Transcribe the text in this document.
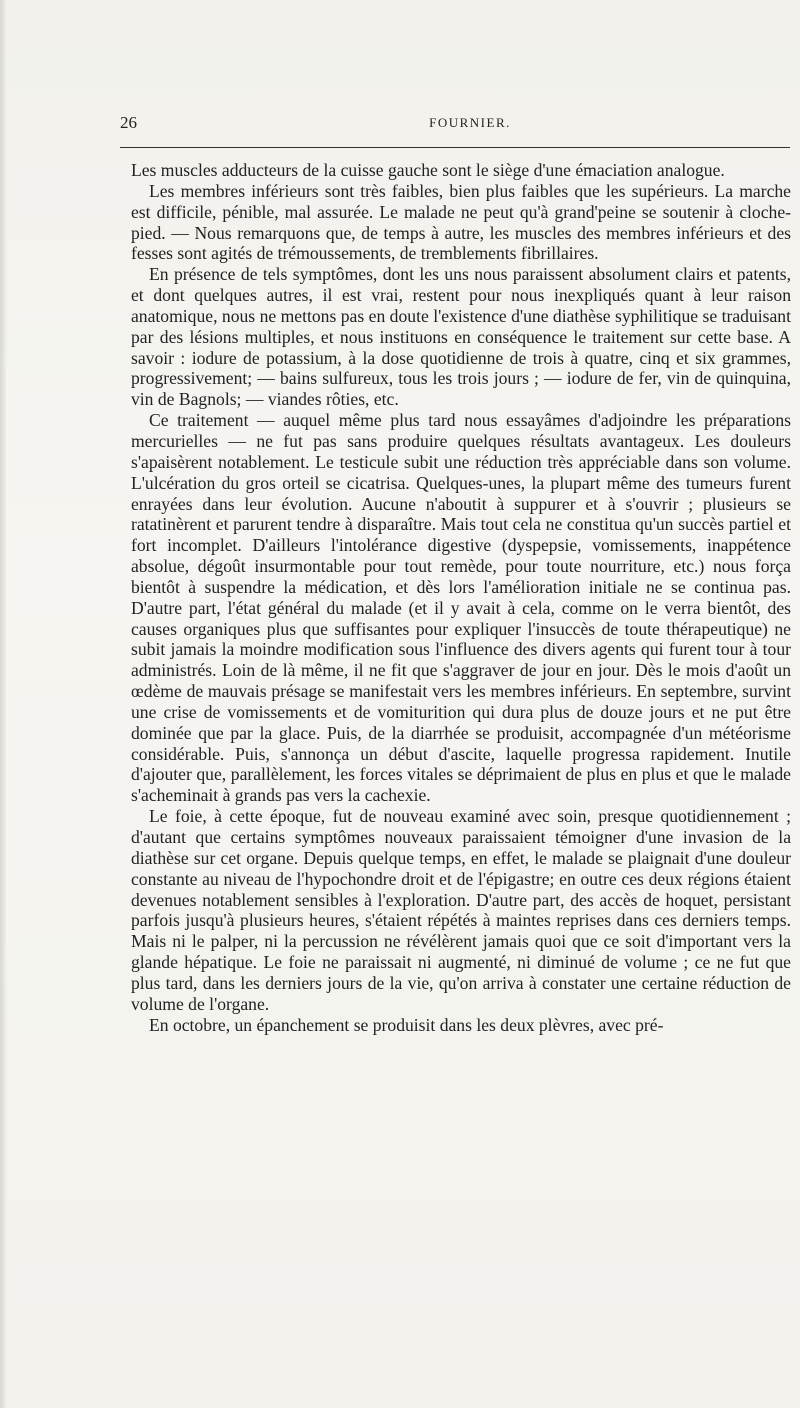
26	FOURNIER.

Les muscles adducteurs de la cuisse gauche sont le siège d'une émaciation analogue.

Les membres inférieurs sont très faibles, bien plus faibles que les supérieurs. La marche est difficile, pénible, mal assurée. Le malade ne peut qu'à grand'peine se soutenir à cloche-pied. — Nous remarquons que, de temps à autre, les muscles des membres inférieurs et des fesses sont agités de trémoussements, de tremblements fibrillaires.

En présence de tels symptômes, dont les uns nous paraissent absolument clairs et patents, et dont quelques autres, il est vrai, restent pour nous inexpliqués quant à leur raison anatomique, nous ne mettons pas en doute l'existence d'une diathèse syphilitique se traduisant par des lésions multiples, et nous instituons en conséquence le traitement sur cette base. A savoir : iodure de potassium, à la dose quotidienne de trois à quatre, cinq et six grammes, progressivement; — bains sulfureux, tous les trois jours ; — iodure de fer, vin de quinquina, vin de Bagnols; — viandes rôties, etc.

Ce traitement — auquel même plus tard nous essayâmes d'adjoindre les préparations mercurielles — ne fut pas sans produire quelques résultats avantageux. Les douleurs s'apaisèrent notablement. Le testicule subit une réduction très appréciable dans son volume. L'ulcération du gros orteil se cicatrisa. Quelques-unes, la plupart même des tumeurs furent enrayées dans leur évolution. Aucune n'aboutit à suppurer et à s'ouvrir ; plusieurs se ratatinèrent et parurent tendre à disparaître. Mais tout cela ne constitua qu'un succès partiel et fort incomplet. D'ailleurs l'intolérance digestive (dyspepsie, vomissements, inappétence absolue, dégoût insurmontable pour tout remède, pour toute nourriture, etc.) nous força bientôt à suspendre la médication, et dès lors l'amélioration initiale ne se continua pas. D'autre part, l'état général du malade (et il y avait à cela, comme on le verra bientôt, des causes organiques plus que suffisantes pour expliquer l'insuccès de toute thérapeutique) ne subit jamais la moindre modification sous l'influence des divers agents qui furent tour à tour administrés. Loin de là même, il ne fit que s'aggraver de jour en jour. Dès le mois d'août un œdème de mauvais présage se manifestait vers les membres inférieurs. En septembre, survint une crise de vomissements et de vomiturition qui dura plus de douze jours et ne put être dominée que par la glace. Puis, de la diarrhée se produisit, accompagnée d'un météorisme considérable. Puis, s'annonça un début d'ascite, laquelle progressa rapidement. Inutile d'ajouter que, parallèlement, les forces vitales se déprimaient de plus en plus et que le malade s'acheminait à grands pas vers la cachexie.

Le foie, à cette époque, fut de nouveau examiné avec soin, presque quotidiennement ; d'autant que certains symptômes nouveaux paraissaient témoigner d'une invasion de la diathèse sur cet organe. Depuis quelque temps, en effet, le malade se plaignait d'une douleur constante au niveau de l'hypochondre droit et de l'épigastre; en outre ces deux régions étaient devenues notablement sensibles à l'exploration. D'autre part, des accès de hoquet, persistant parfois jusqu'à plusieurs heures, s'étaient répétés à maintes reprises dans ces derniers temps. Mais ni le palper, ni la percussion ne révélèrent jamais quoi que ce soit d'important vers la glande hépatique. Le foie ne paraissait ni augmenté, ni diminué de volume ; ce ne fut que plus tard, dans les derniers jours de la vie, qu'on arriva à constater une certaine réduction de volume de l'organe.

En octobre, un épanchement se produisit dans les deux plèvres, avec pré-
